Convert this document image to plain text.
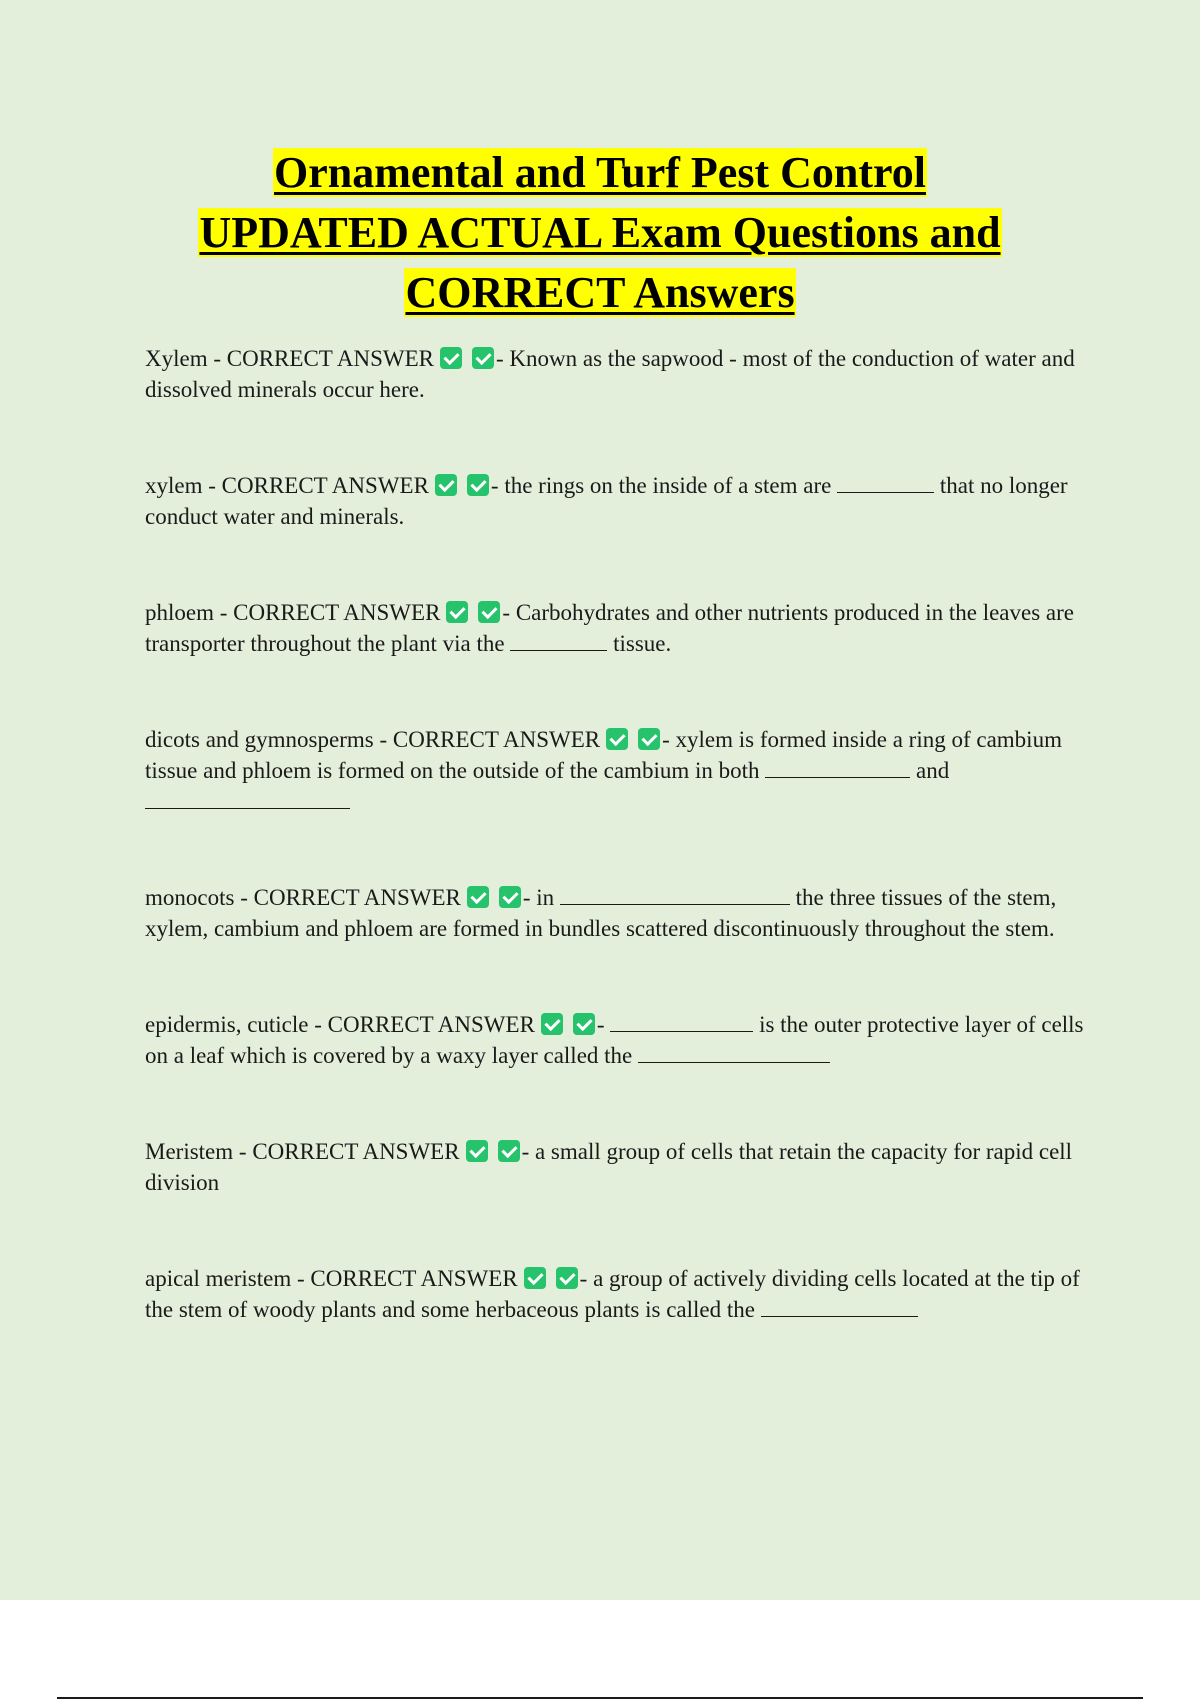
Ornamental and Turf Pest Control
UPDATED ACTUAL Exam Questions and
CORRECT Answers

Xylem - CORRECT ANSWER	- Known as the sapwood - most of the conduction of water and dissolved minerals occur here.

xylem - CORRECT ANSWER	- the rings on the inside of a stem are	that no longer conduct water and minerals.

phloem - CORRECT ANSWER	- Carbohydrates and other nutrients produced in the leaves are transporter throughout the plant via the	tissue.

dicots and gymnosperms - CORRECT ANSWER	- xylem is formed inside a ring of cambium tissue and phloem is formed on the outside of the cambium in both	and

monocots - CORRECT ANSWER	- in	the three tissues of the stem, xylem, cambium and phloem are formed in bundles scattered discontinuously throughout the stem.

epidermis, cuticle - CORRECT ANSWER	-	is the outer protective layer of cells on a leaf which is covered by a waxy layer called the

Meristem - CORRECT ANSWER	- a small group of cells that retain the capacity for rapid cell division

apical meristem - CORRECT ANSWER	- a group of actively dividing cells located at the tip of the stem of woody plants and some herbaceous plants is called the
